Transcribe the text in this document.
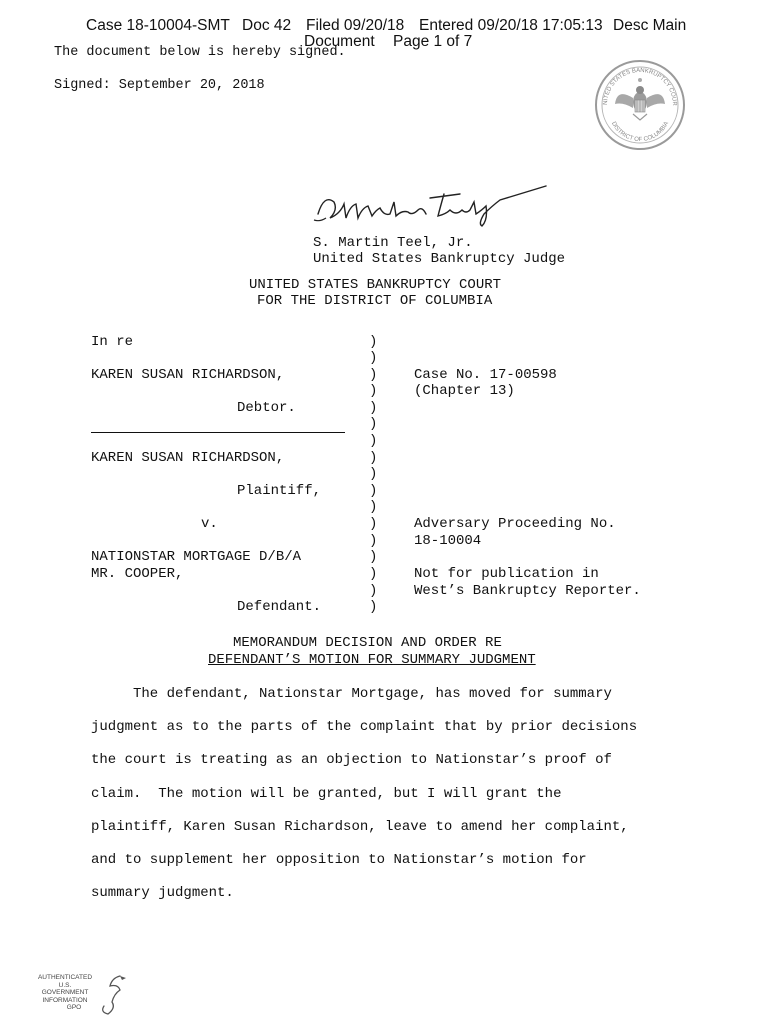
Case 18-10004-SMT Doc 42 Filed 09/20/18 Entered 09/20/18 17:05:13 Desc Main
Document Page 1 of 7
The document below is hereby signed.
Signed: September 20, 2018
NITED STATES BANKRUPTCY COUR
DISTRICT OF COLUMBIA
S. Martin Teel, Jr.
United States Bankruptcy Judge
UNITED STATES BANKRUPTCY COURT
FOR THE DISTRICT OF COLUMBIA
In re
KAREN SUSAN RICHARDSON,
Debtor.
KAREN SUSAN RICHARDSON,
Plaintiff,
v.
NATIONSTAR MORTGAGE D/B/A
MR. COOPER,
Defendant.
)
)
)
)
)
)
)
)
)
)
)
)
)
)
)
)
)
Case No. 17-00598
(Chapter 13)
Adversary Proceeding No.
18-10004
Not for publication in
West’s Bankruptcy Reporter.
MEMORANDUM DECISION AND ORDER RE
DEFENDANT’S MOTION FOR SUMMARY JUDGMENT
The defendant, Nationstar Mortgage, has moved for summary
judgment as to the parts of the complaint that by prior decisions
the court is treating as an objection to Nationstar’s proof of
claim.  The motion will be granted, but I will grant the
plaintiff, Karen Susan Richardson, leave to amend her complaint,
and to supplement her opposition to Nationstar’s motion for
summary judgment.
AUTHENTICATED
U.S. GOVERNMENT
INFORMATION
GPO
